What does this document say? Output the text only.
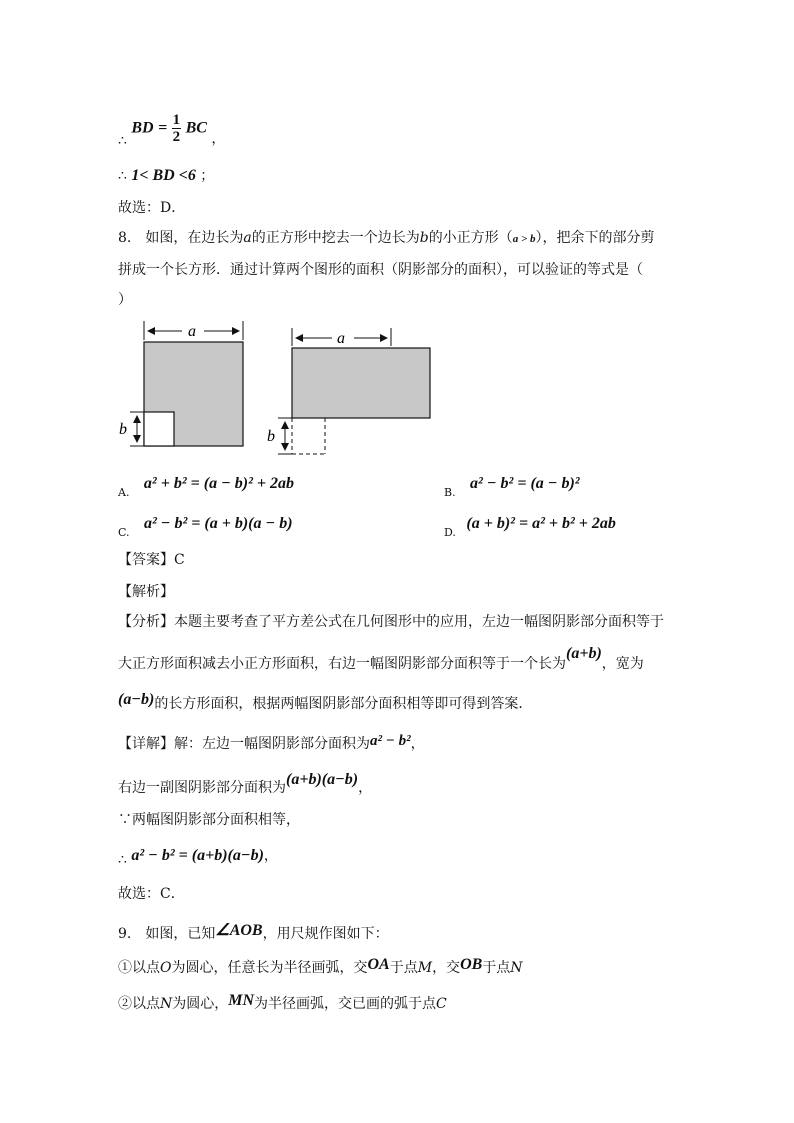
∴ BD = $\frac{1}{2}$ BC ，
∴ 1< BD <6 ；
故选：D．
8.　如图，在边长为a的正方形中挖去一个边长为b的小正方形（a > b），把余下的部分剪
拼成一个长方形．通过计算两个图形的面积（阴影部分的面积），可以验证的等式是（
）
a
b
a
b
$_{A.}$ a² + b² = (a − b)² + 2ab
$_{B.}$ a² − b² = (a − b)²
$_{C.}$ a² − b² = (a + b)(a − b)
$_{D.}$ (a + b)² = a² + b² + 2ab
【答案】C
【解析】
【分析】本题主要考查了平方差公式在几何图形中的应用，左边一幅图阴影部分面积等于
大正方形面积减去小正方形面积，右边一幅图阴影部分面积等于一个长为(a+b)，宽为
(a−b)的长方形面积，根据两幅图阴影部分面积相等即可得到答案．
【详解】解：左边一幅图阴影部分面积为a² − b²，
右边一副图阴影部分面积为(a+b)(a−b)，
∵两幅图阴影部分面积相等，
∴ a² − b² = (a+b)(a−b)，
故选：C．
9.　如图，已知∠AOB，用尺规作图如下：
①以点O为圆心，任意长为半径画弧，交OA于点M，交OB于点N
②以点N为圆心，MN为半径画弧，交已画的弧于点C
